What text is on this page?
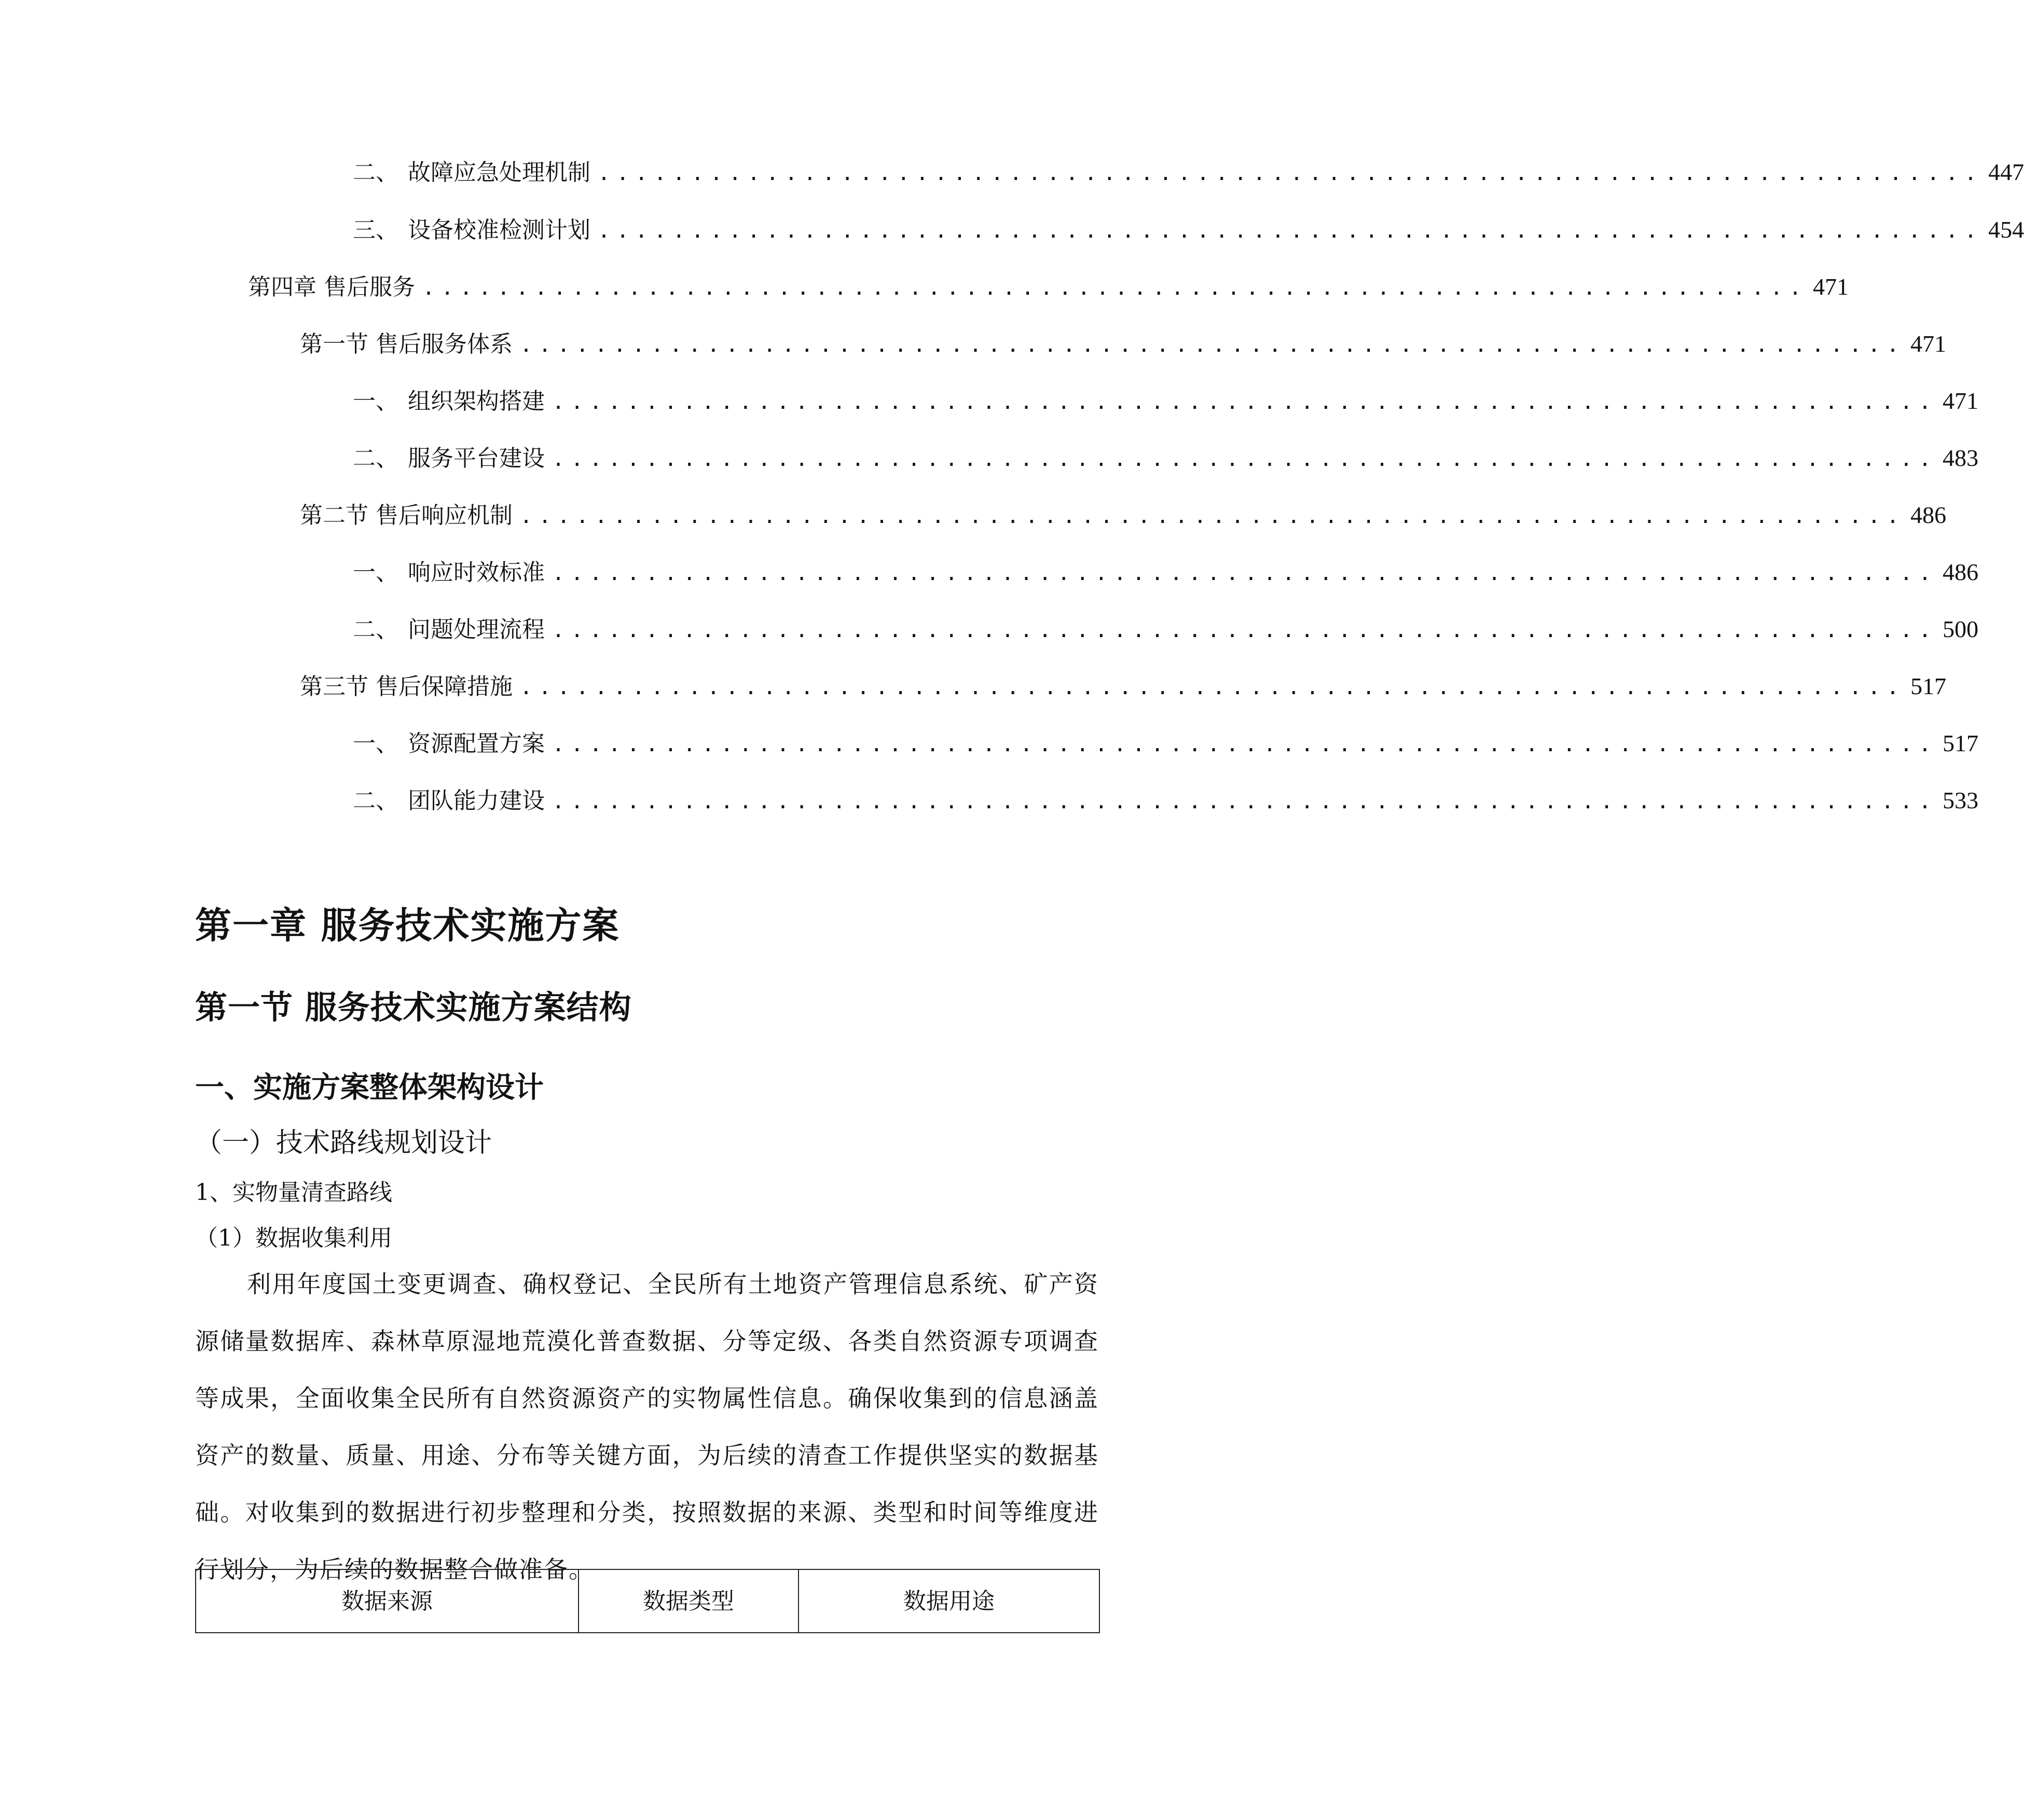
二、 故障应急处理机制 .......................................................................... 447
三、 设备校准检测计划 .......................................................................... 454
第四章 售后服务 .......................................................................... 471
第一节 售后服务体系 .......................................................................... 471
一、 组织架构搭建 .......................................................................... 471
二、 服务平台建设 .......................................................................... 483
第二节 售后响应机制 .......................................................................... 486
一、 响应时效标准 .......................................................................... 486
二、 问题处理流程 .......................................................................... 500
第三节 售后保障措施 .......................................................................... 517
一、 资源配置方案 .......................................................................... 517
二、 团队能力建设 .......................................................................... 533
第一章 服务技术实施方案
第一节 服务技术实施方案结构
一、实施方案整体架构设计
（一）技术路线规划设计
1、实物量清查路线
（1）数据收集利用
利用年度国土变更调查、确权登记、全民所有土地资产管理信息系统、矿产资源储量数据库、森林草原湿地荒漠化普查数据、分等定级、各类自然资源专项调查等成果，全面收集全民所有自然资源资产的实物属性信息。确保收集到的信息涵盖资产的数量、质量、用途、分布等关键方面，为后续的清查工作提供坚实的数据基础。对收集到的数据进行初步整理和分类，按照数据的来源、类型和时间等维度进行划分，为后续的数据整合做准备。
数据来源	数据类型	数据用途
